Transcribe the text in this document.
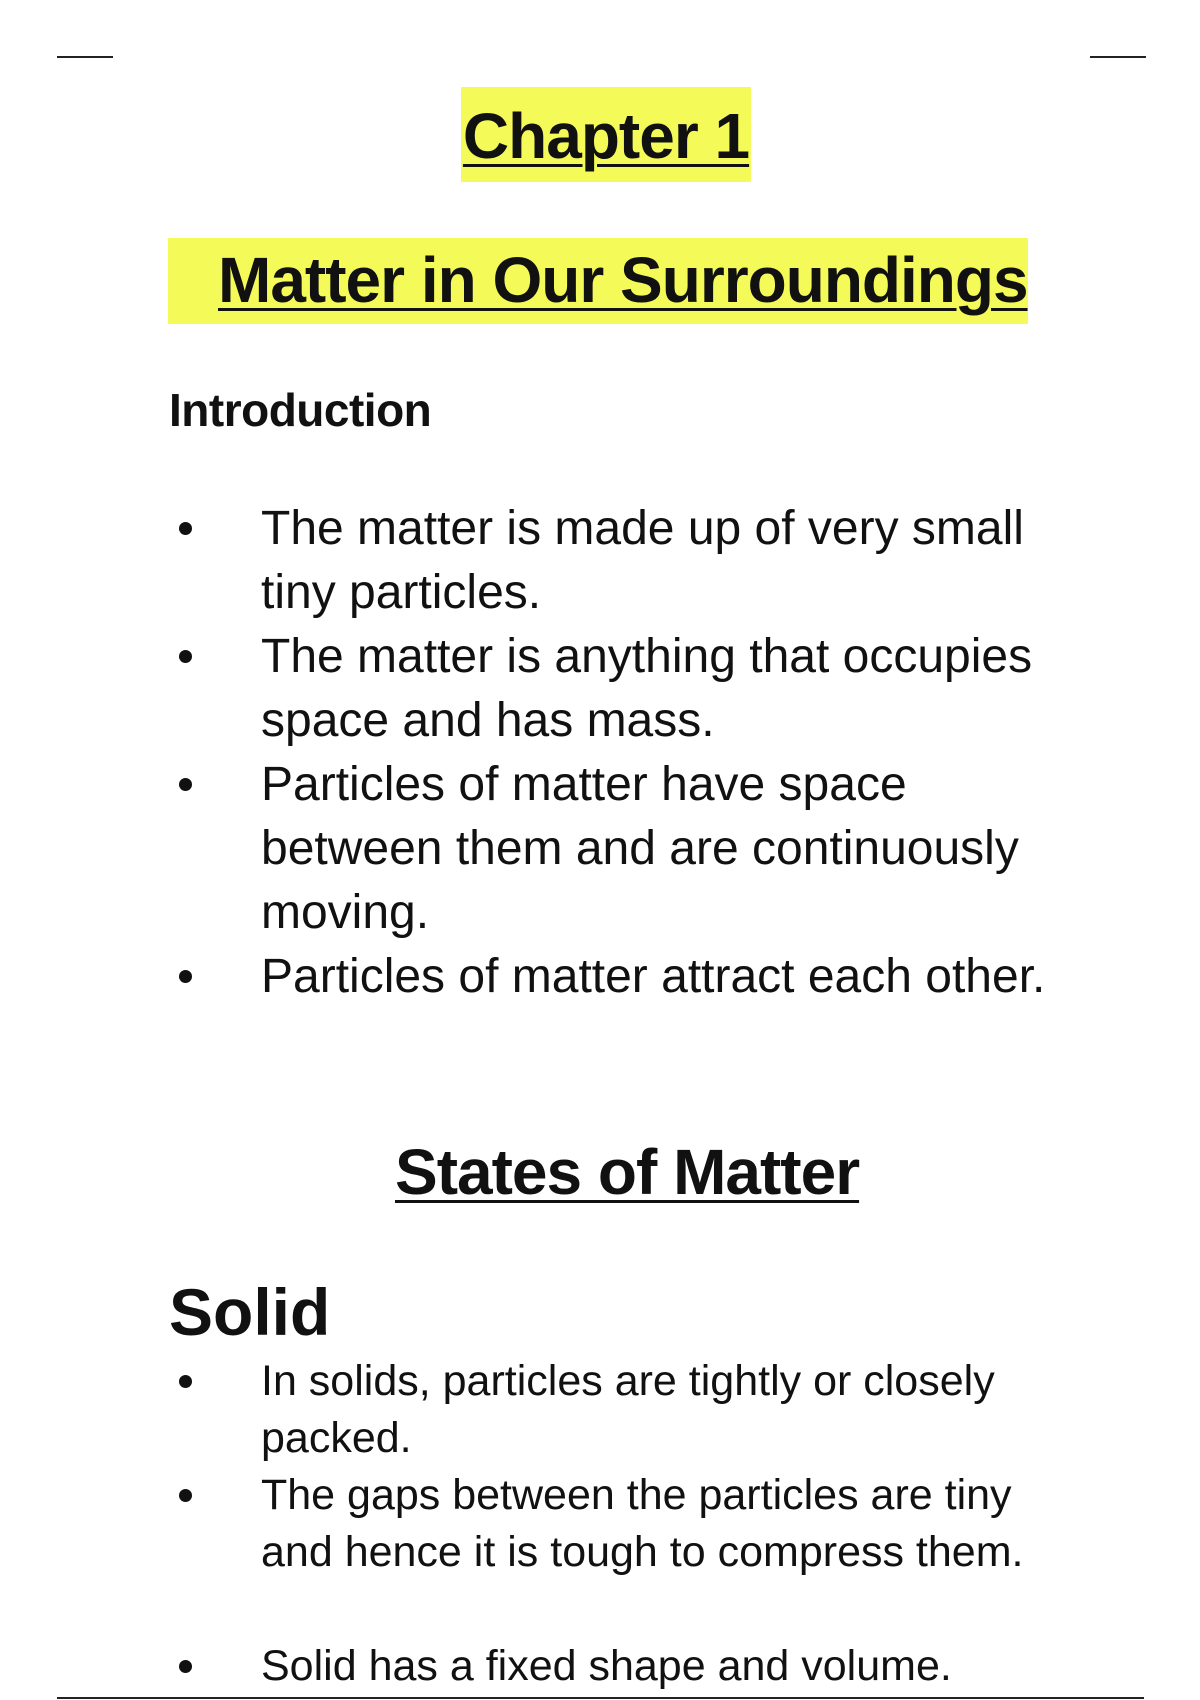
Chapter 1
Matter in Our Surroundings
Introduction
The matter is made up of very small tiny particles.
The matter is anything that occupies space and has mass.
Particles of matter have space between them and are continuously moving.
Particles of matter attract each other.
States of Matter
Solid
In solids, particles are tightly or closely packed.
The gaps between the particles are tiny and hence it is tough to compress them.
Solid has a fixed shape and volume.
